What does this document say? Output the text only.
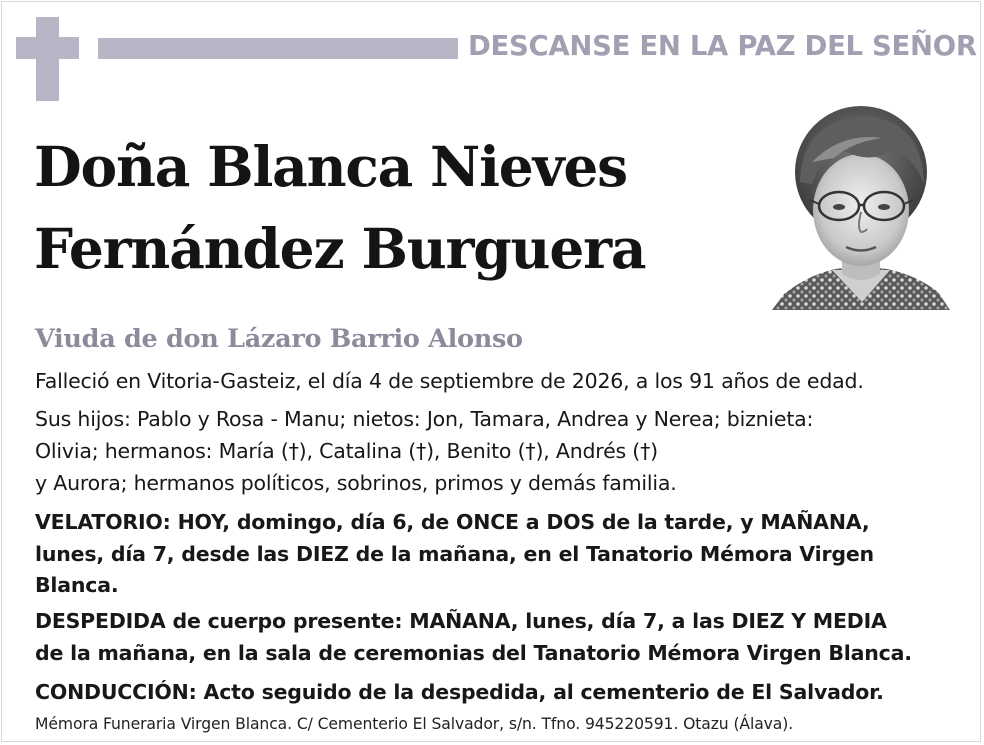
DESCANSE EN LA PAZ DEL SEÑOR
Doña Blanca Nieves
Fernández Burguera
Viuda de don Lázaro Barrio Alonso
Falleció en Vitoria-Gasteiz, el día 4 de septiembre de 2026, a los 91 años de edad.
Sus hijos: Pablo y Rosa - Manu; nietos: Jon, Tamara, Andrea y Nerea; biznieta:
Olivia; hermanos: María (†), Catalina (†), Benito (†), Andrés (†)
y Aurora; hermanos políticos, sobrinos, primos y demás familia.
VELATORIO: HOY, domingo, día 6, de ONCE a DOS de la tarde, y MAÑANA,
lunes, día 7, desde las DIEZ de la mañana, en el Tanatorio Mémora Virgen
Blanca.
DESPEDIDA de cuerpo presente: MAÑANA, lunes, día 7, a las DIEZ Y MEDIA
de la mañana, en la sala de ceremonias del Tanatorio Mémora Virgen Blanca.
CONDUCCIÓN: Acto seguido de la despedida, al cementerio de El Salvador.
Mémora Funeraria Virgen Blanca. C/ Cementerio El Salvador, s/n. Tfno. 945220591. Otazu (Álava).
